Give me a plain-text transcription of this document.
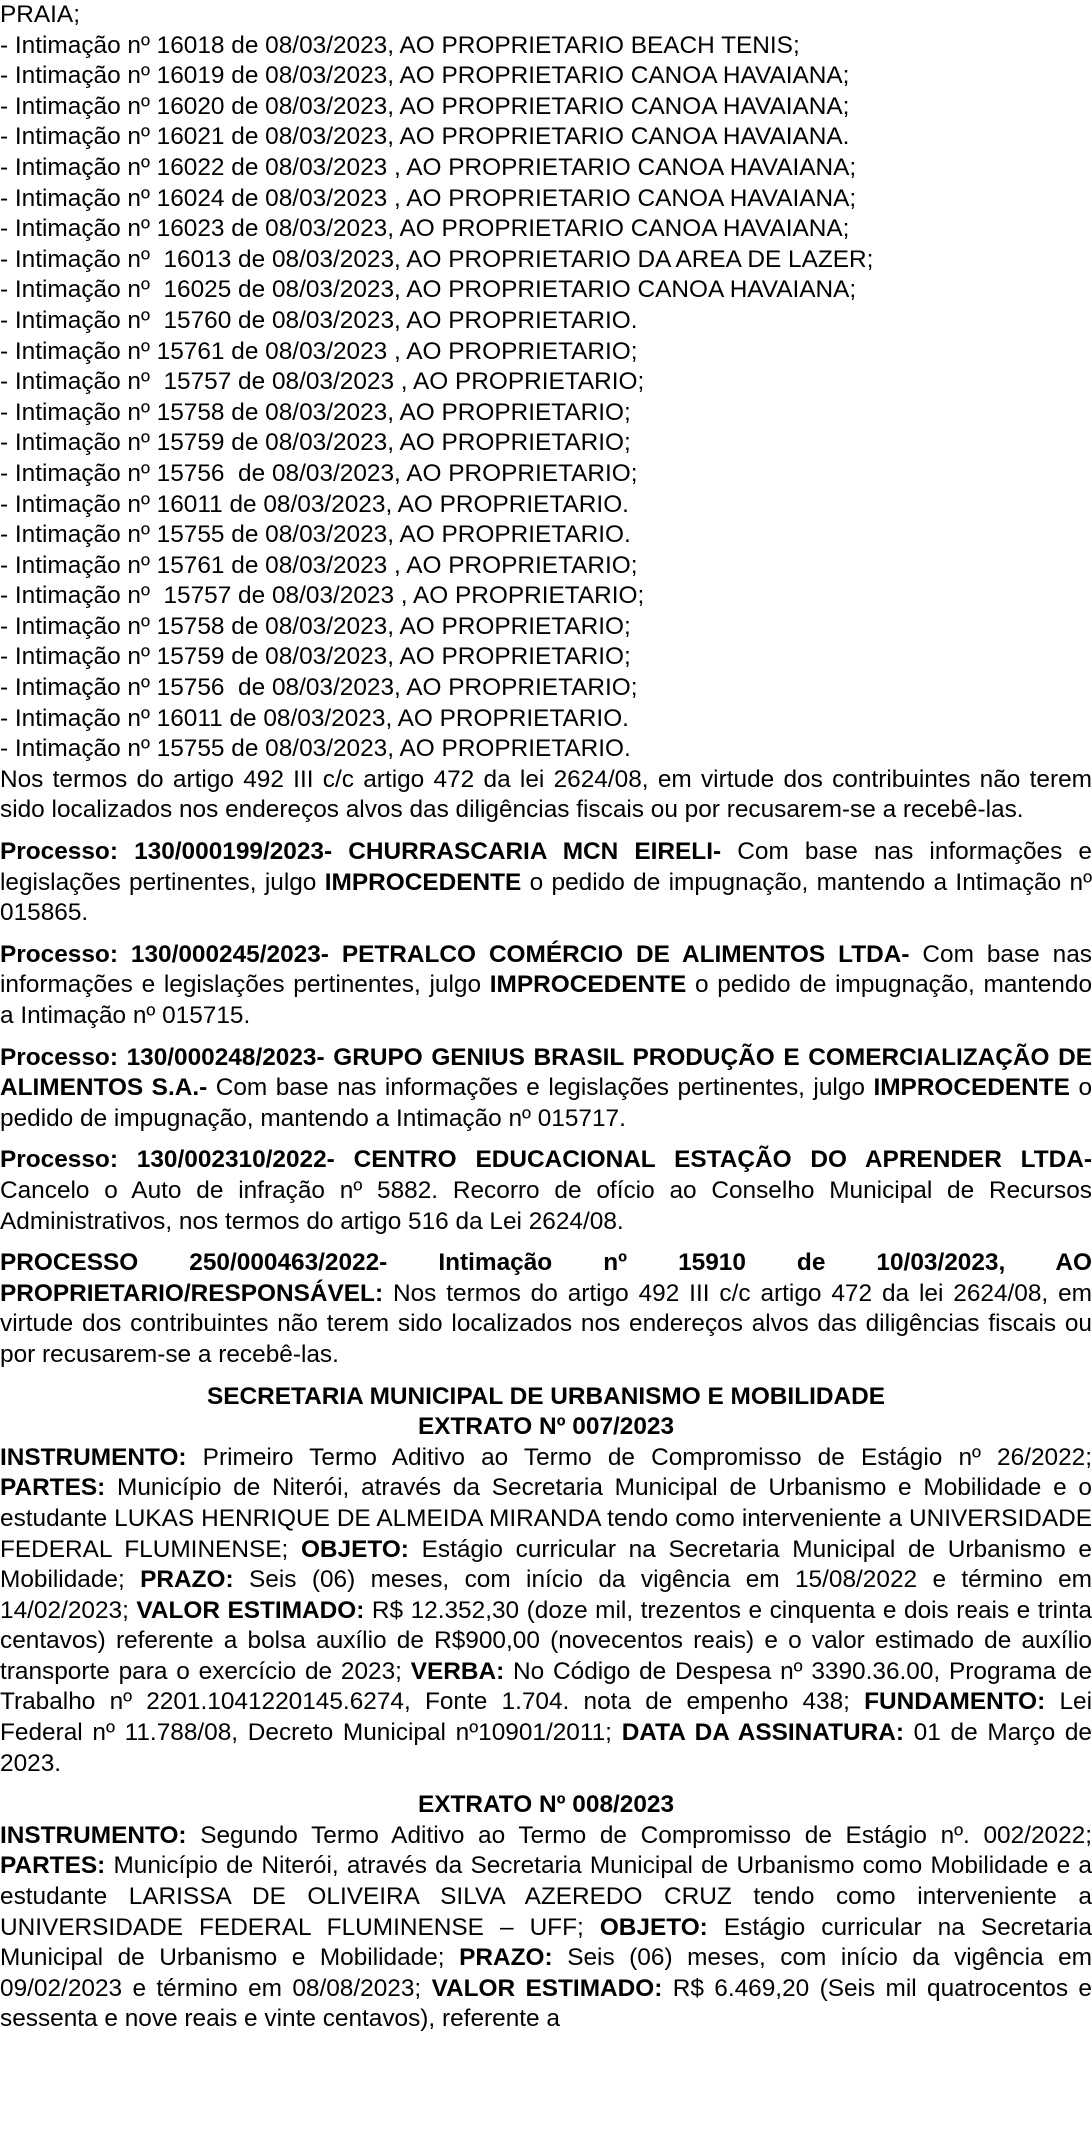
PRAIA;

- Intimação nº 16018 de 08/03/2023, AO PROPRIETARIO BEACH TENIS;

- Intimação nº 16019 de 08/03/2023, AO PROPRIETARIO CANOA HAVAIANA;

- Intimação nº 16020 de 08/03/2023, AO PROPRIETARIO CANOA HAVAIANA;

- Intimação nº 16021 de 08/03/2023, AO PROPRIETARIO CANOA HAVAIANA.

- Intimação nº 16022 de 08/03/2023 , AO PROPRIETARIO CANOA HAVAIANA;

- Intimação nº 16024 de 08/03/2023 , AO PROPRIETARIO CANOA HAVAIANA;

- Intimação nº 16023 de 08/03/2023, AO PROPRIETARIO CANOA HAVAIANA;

- Intimação nº  16013 de 08/03/2023, AO PROPRIETARIO DA AREA DE LAZER;

- Intimação nº  16025 de 08/03/2023, AO PROPRIETARIO CANOA HAVAIANA;

- Intimação nº  15760 de 08/03/2023, AO PROPRIETARIO.

- Intimação nº 15761 de 08/03/2023 , AO PROPRIETARIO;

- Intimação nº  15757 de 08/03/2023 , AO PROPRIETARIO;

- Intimação nº 15758 de 08/03/2023, AO PROPRIETARIO;

- Intimação nº 15759 de 08/03/2023, AO PROPRIETARIO;

- Intimação nº 15756  de 08/03/2023, AO PROPRIETARIO;

- Intimação nº 16011 de 08/03/2023, AO PROPRIETARIO.

- Intimação nº 15755 de 08/03/2023, AO PROPRIETARIO.

- Intimação nº 15761 de 08/03/2023 , AO PROPRIETARIO;

- Intimação nº  15757 de 08/03/2023 , AO PROPRIETARIO;

- Intimação nº 15758 de 08/03/2023, AO PROPRIETARIO;

- Intimação nº 15759 de 08/03/2023, AO PROPRIETARIO;

- Intimação nº 15756  de 08/03/2023, AO PROPRIETARIO;

- Intimação nº 16011 de 08/03/2023, AO PROPRIETARIO.

- Intimação nº 15755 de 08/03/2023, AO PROPRIETARIO.

Nos termos do artigo 492 III c/c artigo 472 da lei 2624/08, em virtude dos contribuintes não terem sido localizados nos endereços alvos das diligências fiscais ou por recusarem-se a recebê-las.

Processo: 130/000199/2023- CHURRASCARIA MCN EIRELI- Com base nas informações e legislações pertinentes, julgo IMPROCEDENTE o pedido de impugnação, mantendo a Intimação nº 015865.

Processo: 130/000245/2023- PETRALCO COMÉRCIO DE ALIMENTOS LTDA- Com base nas informações e legislações pertinentes, julgo IMPROCEDENTE o pedido de impugnação, mantendo a Intimação nº 015715.

Processo: 130/000248/2023- GRUPO GENIUS BRASIL PRODUÇÃO E COMERCIALIZAÇÃO DE ALIMENTOS S.A.- Com base nas informações e legislações pertinentes, julgo IMPROCEDENTE o pedido de impugnação, mantendo a Intimação nº 015717.

Processo: 130/002310/2022- CENTRO EDUCACIONAL ESTAÇÃO DO APRENDER LTDA- Cancelo o Auto de infração nº 5882. Recorro de ofício ao Conselho Municipal de Recursos Administrativos, nos termos do artigo 516 da Lei 2624/08.

PROCESSO 250/000463/2022- Intimação nº 15910 de 10/03/2023, AO PROPRIETARIO/RESPONSÁVEL: Nos termos do artigo 492 III c/c artigo 472 da lei 2624/08, em virtude dos contribuintes não terem sido localizados nos endereços alvos das diligências fiscais ou por recusarem-se a recebê-las.

SECRETARIA MUNICIPAL DE URBANISMO E MOBILIDADE

EXTRATO Nº 007/2023

INSTRUMENTO: Primeiro Termo Aditivo ao Termo de Compromisso de Estágio nº 26/2022; PARTES: Município de Niterói, através da Secretaria Municipal de Urbanismo e Mobilidade e o estudante LUKAS HENRIQUE DE ALMEIDA MIRANDA tendo como interveniente a UNIVERSIDADE FEDERAL FLUMINENSE; OBJETO: Estágio curricular na Secretaria Municipal de Urbanismo e Mobilidade; PRAZO: Seis (06) meses, com início da vigência em 15/08/2022 e término em 14/02/2023; VALOR ESTIMADO: R$ 12.352,30 (doze mil, trezentos e cinquenta e dois reais e trinta centavos) referente a bolsa auxílio de R$900,00 (novecentos reais) e o valor estimado de auxílio transporte para o exercício de 2023; VERBA: No Código de Despesa nº 3390.36.00, Programa de Trabalho nº 2201.1041220145.6274, Fonte 1.704. nota de empenho 438; FUNDAMENTO: Lei Federal nº 11.788/08, Decreto Municipal nº10901/2011; DATA DA ASSINATURA: 01 de Março de 2023.

EXTRATO Nº 008/2023

INSTRUMENTO: Segundo Termo Aditivo ao Termo de Compromisso de Estágio nº. 002/2022; PARTES: Município de Niterói, através da Secretaria Municipal de Urbanismo como Mobilidade e a estudante LARISSA DE OLIVEIRA SILVA AZEREDO CRUZ tendo como interveniente a UNIVERSIDADE FEDERAL FLUMINENSE – UFF; OBJETO: Estágio curricular na Secretaria Municipal de Urbanismo e Mobilidade; PRAZO: Seis (06) meses, com início da vigência em 09/02/2023 e término em 08/08/2023; VALOR ESTIMADO: R$ 6.469,20 (Seis mil quatrocentos e sessenta e nove reais e vinte centavos), referente a
